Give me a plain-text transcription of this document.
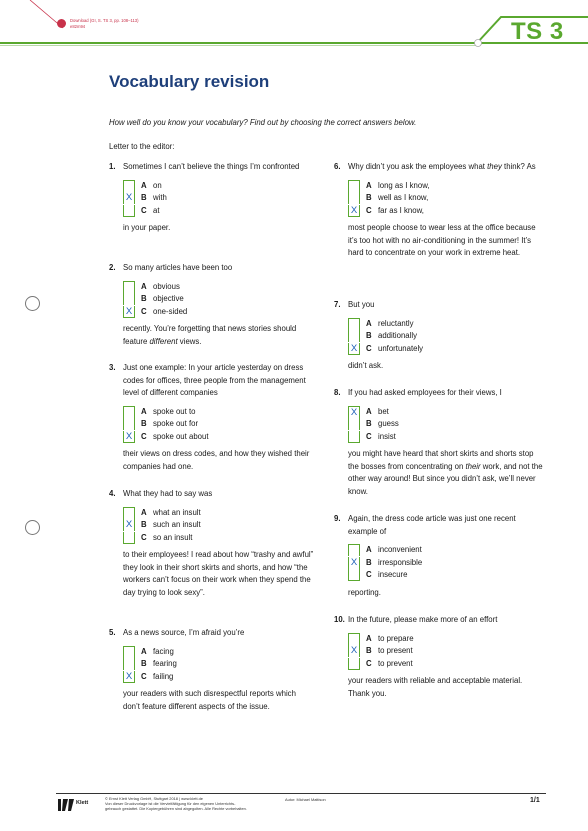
Download (GI, S. TS 3, pp. 108–113)
e82m94	TS 3
Vocabulary revision
How well do you know your vocabulary? Find out by choosing the correct answers below.
Letter to the editor:
1. Sometimes I can’t believe the things I’m confronted
A on
X	B with
C at
in your paper.
2. So many articles have been too
A obvious
B objective
X	C one-sided
recently. You’re forgetting that news stories should feature different views.
3. Just one example: In your article yesterday on dress codes for offices, three people from the management level of different companies
A spoke out to
B spoke out for
X	C spoke out about
their views on dress codes, and how they wished their companies had one.
4. What they had to say was
A what an insult
X	B such an insult
C so an insult
to their employees! I read about how “trashy and awful” they look in their short skirts and shorts, and how “the workers can’t focus on their work when they spend the day trying to look sexy”.
5. As a news source, I’m afraid you’re
A facing
B fearing
X	C failing
your readers with such disrespectful reports which don’t feature different aspects of the issue.
6. Why didn’t you ask the employees what they think? As
A long as I know,
B well as I know,
X	C far as I know,
most people choose to wear less at the office because it’s too hot with no air-conditioning in the summer! It’s hard to concentrate on your work in extreme heat.
7. But you
A reluctantly
B additionally
X	C unfortunately
didn’t ask.
8. If you had asked employees for their views, I
X	A bet
B guess
C insist
you might have heard that short skirts and shorts stop the bosses from concentrating on their work, and not the other way around! But since you didn’t ask, we’ll never know.
9. Again, the dress code article was just one recent example of
A inconvenient
X	B irresponsible
C insecure
reporting.
10. In the future, please make more of an effort
A to prepare
X	B to present
C to prevent
your readers with reliable and acceptable material. Thank you.
Klett
© Ernst Klett Verlag GmbH, Stuttgart 2018 | www.klett.de
Von dieser Druckvorlage ist die Vervielfältigung für den eigenen Unterrichts-
gebrauch gestattet. Die Kopiergebühren sind abgegolten. Alle Rechte vorbehalten.
Autor: Michael Mattison	1/1
